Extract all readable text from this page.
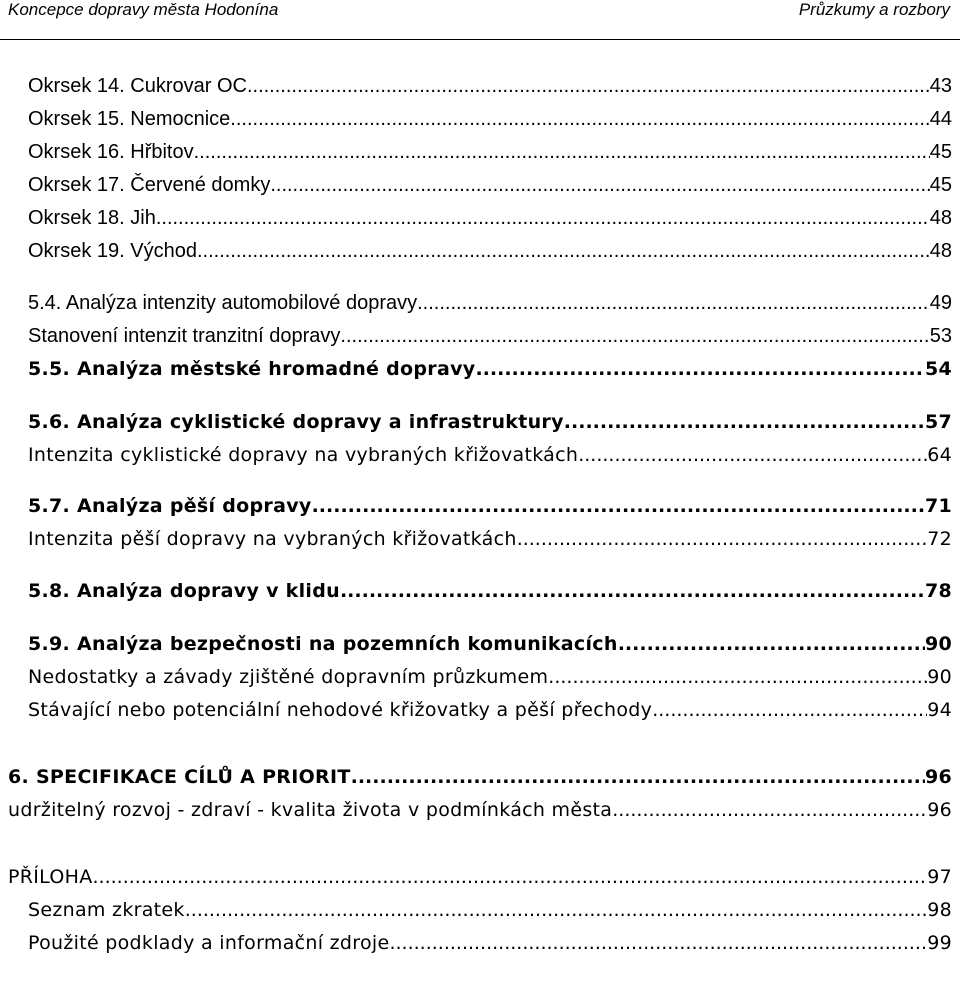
Koncepce dopravy města Hodonína	Průzkumy a rozbory
Okrsek 14. Cukrovar OC .....	43
Okrsek 15. Nemocnice .....	44
Okrsek 16. Hřbitov .....	45
Okrsek 17. Červené domky .....	45
Okrsek 18. Jih .....	48
Okrsek 19. Východ .....	48
5.4. Analýza intenzity automobilové dopravy .....	49
Stanovení intenzit tranzitní dopravy .....	53
5.5. Analýza městské hromadné dopravy .....	54
5.6. Analýza cyklistické dopravy a infrastruktury .....	57
Intenzita cyklistické dopravy na vybraných křižovatkách .....	64
5.7. Analýza pěší dopravy .....	71
Intenzita pěší dopravy na vybraných křižovatkách .....	72
5.8. Analýza dopravy v klidu .....	78
5.9. Analýza bezpečnosti na pozemních komunikacích .....	90
Nedostatky a závady zjištěné dopravním průzkumem .....	90
Stávající nebo potenciální nehodové křižovatky a pěší přechody .....	94
6. SPECIFIKACE CÍLŮ A PRIORIT .....	96
udržitelný rozvoj - zdraví - kvalita života v podmínkách města .....	96
PŘÍLOHA .....	97
Seznam zkratek .....	98
Použité podklady a informační zdroje .....	99
